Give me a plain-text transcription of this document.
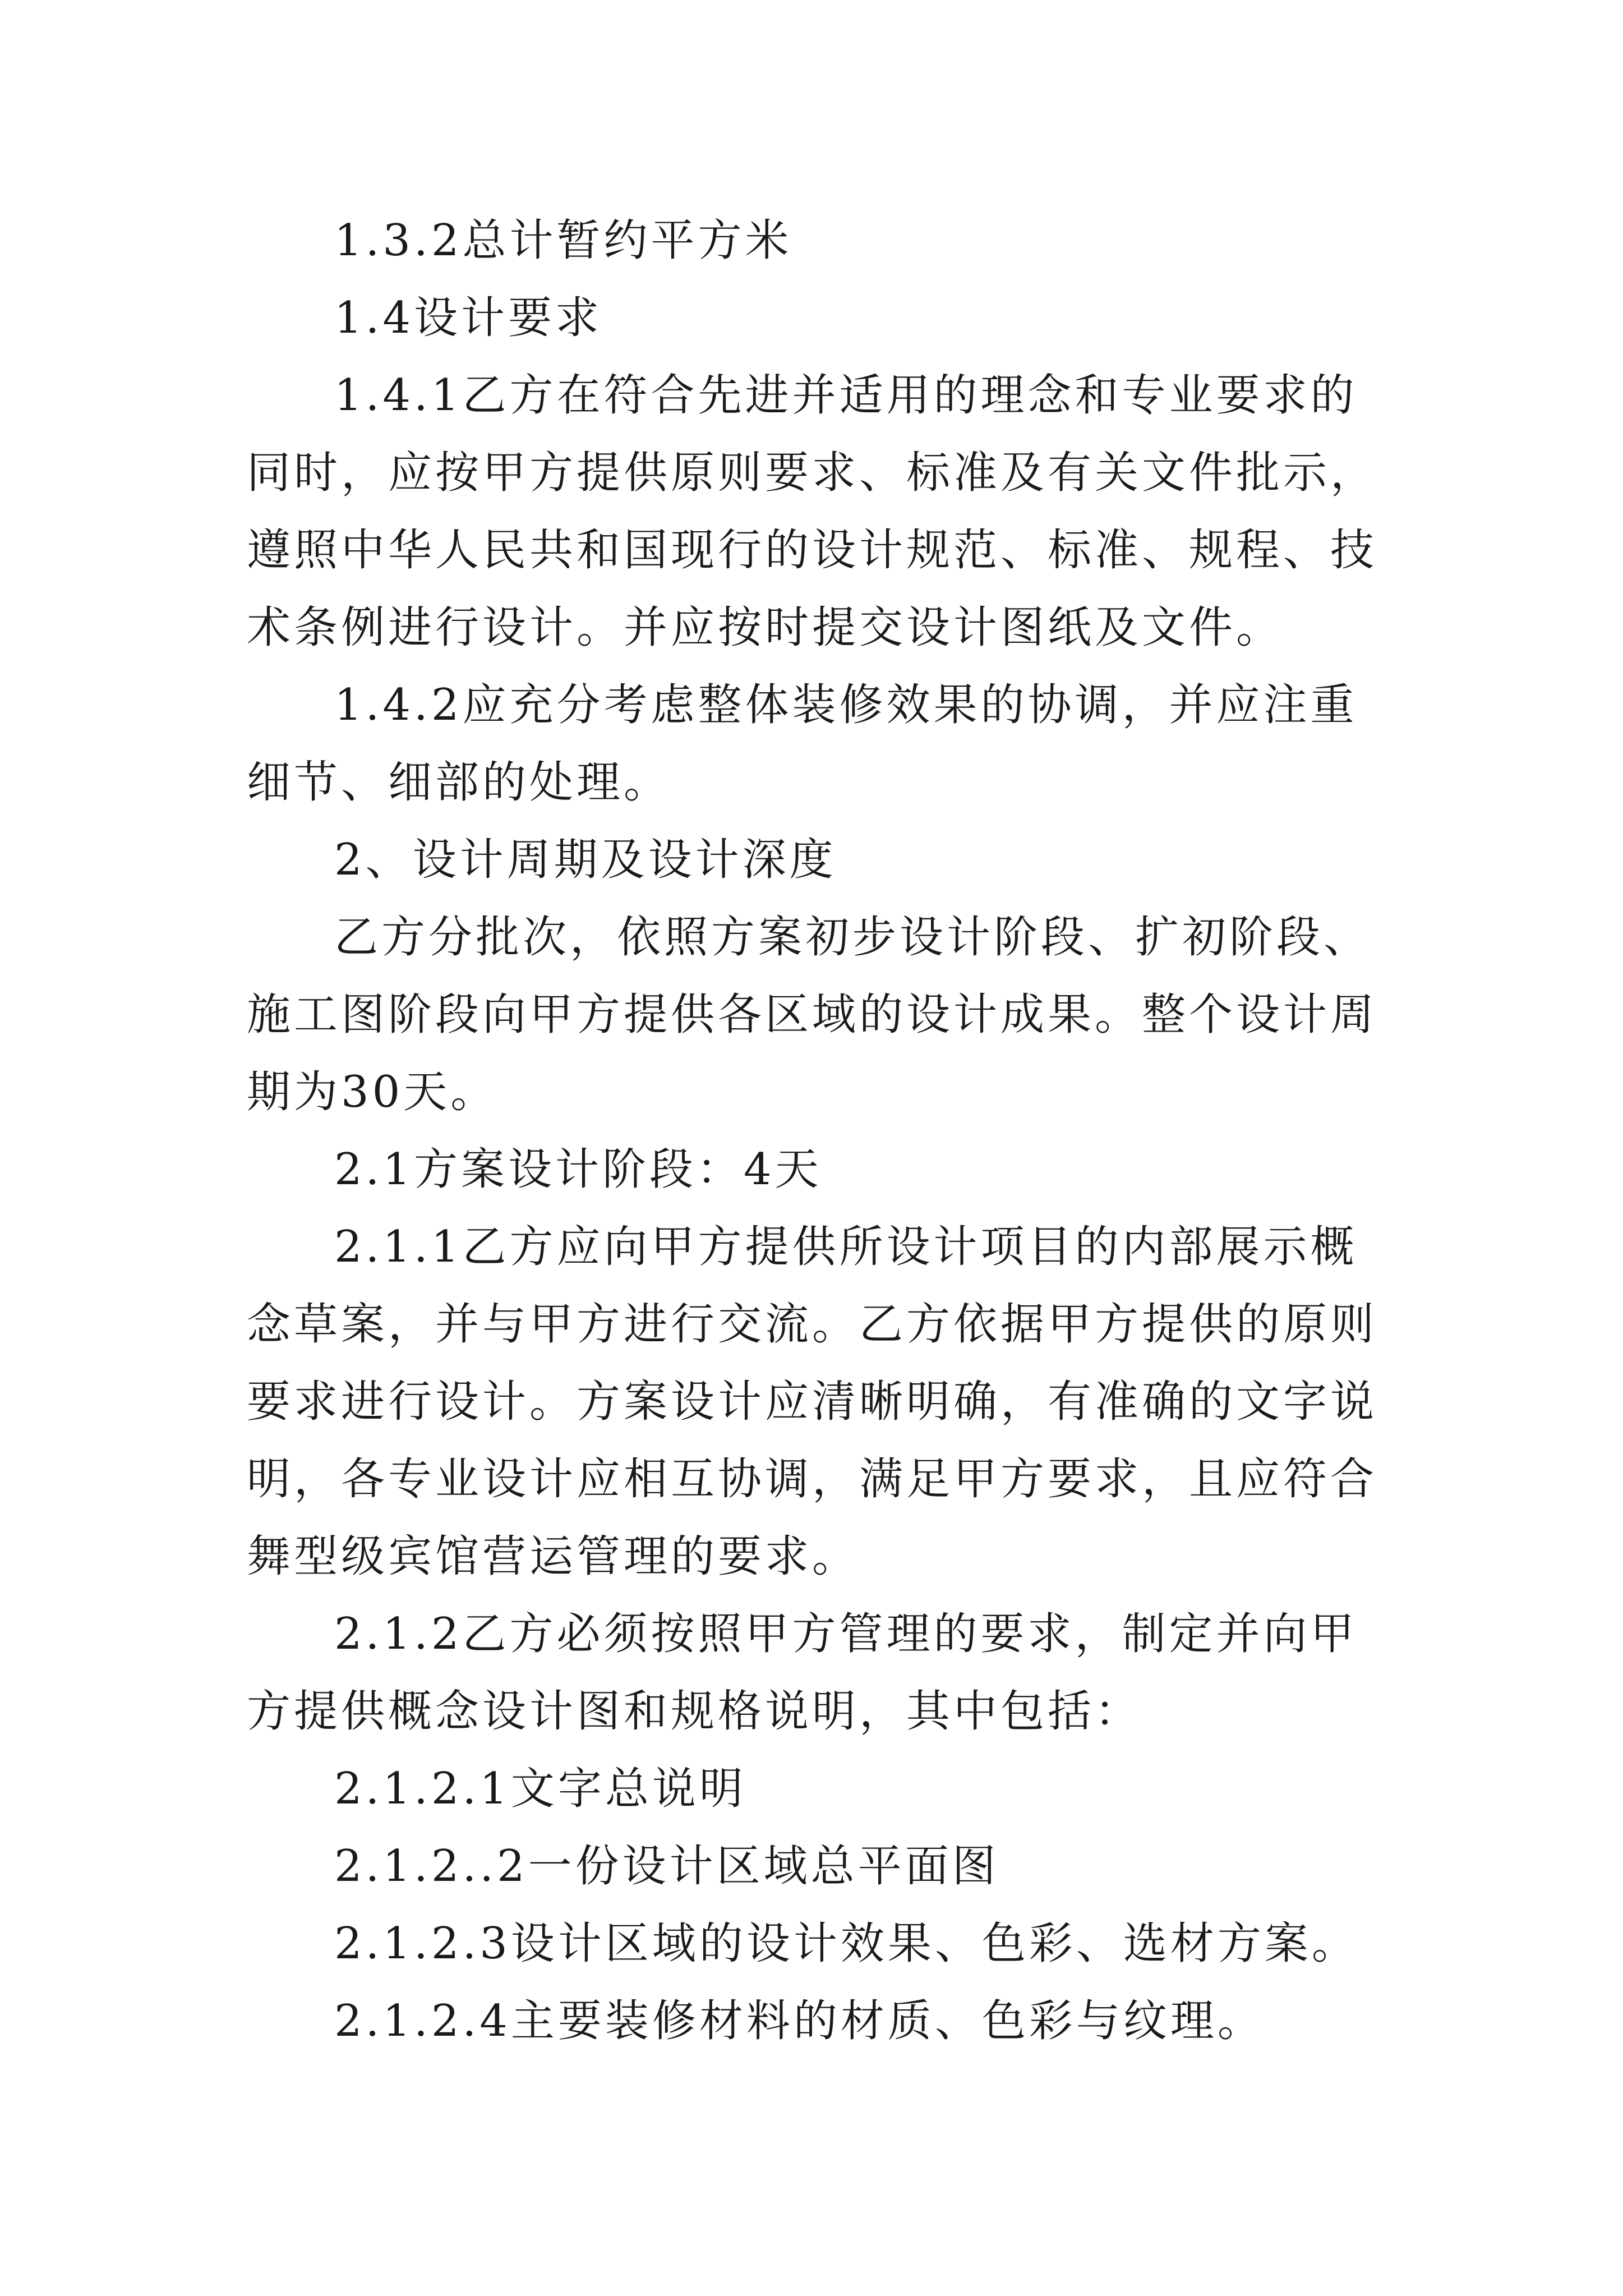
1.3.2总计暂约平方米

1.4设计要求

1.4.1乙方在符合先进并适用的理念和专业要求的同时，应按甲方提供原则要求、标准及有关文件批示，遵照中华人民共和国现行的设计规范、标准、规程、技术条例进行设计。并应按时提交设计图纸及文件。

1.4.2应充分考虑整体装修效果的协调，并应注重细节、细部的处理。

2、设计周期及设计深度

乙方分批次，依照方案初步设计阶段、扩初阶段、施工图阶段向甲方提供各区域的设计成果。整个设计周期为30天。

2.1方案设计阶段：4天

2.1.1乙方应向甲方提供所设计项目的内部展示概念草案，并与甲方进行交流。乙方依据甲方提供的原则要求进行设计。方案设计应清晰明确，有准确的文字说明，各专业设计应相互协调，满足甲方要求，且应符合舞型级宾馆营运管理的要求。

2.1.2乙方必须按照甲方管理的要求，制定并向甲方提供概念设计图和规格说明，其中包括：

2.1.2.1文字总说明

2.1.2..2一份设计区域总平面图

2.1.2.3设计区域的设计效果、色彩、选材方案。

2.1.2.4主要装修材料的材质、色彩与纹理。
